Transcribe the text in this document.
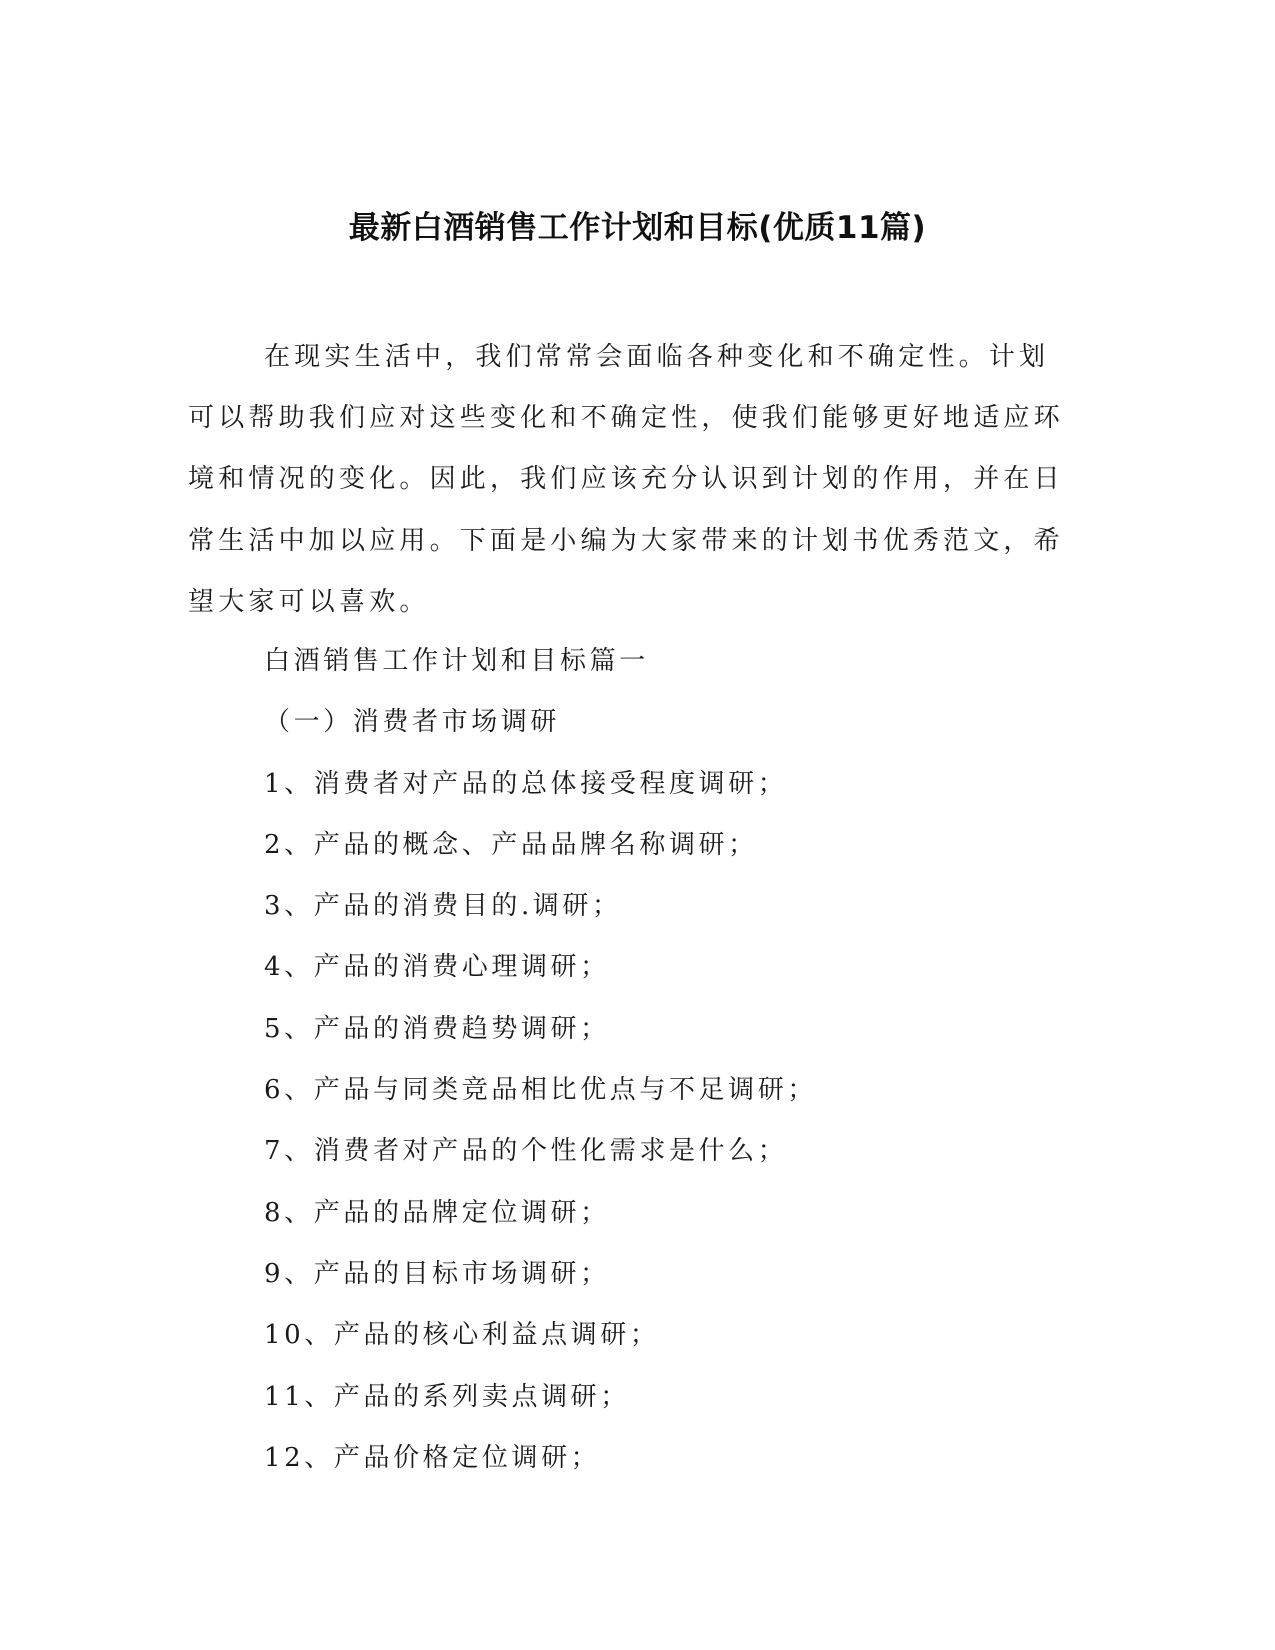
最新白酒销售工作计划和目标(优质11篇)

在现实生活中，我们常常会面临各种变化和不确定性。计划可以帮助我们应对这些变化和不确定性，使我们能够更好地适应环境和情况的变化。因此，我们应该充分认识到计划的作用，并在日常生活中加以应用。下面是小编为大家带来的计划书优秀范文，希望大家可以喜欢。

白酒销售工作计划和目标篇一
（一）消费者市场调研
1、消费者对产品的总体接受程度调研；
2、产品的概念、产品品牌名称调研；
3、产品的消费目的.调研；
4、产品的消费心理调研；
5、产品的消费趋势调研；
6、产品与同类竞品相比优点与不足调研；
7、消费者对产品的个性化需求是什么；
8、产品的品牌定位调研；
9、产品的目标市场调研；
10、产品的核心利益点调研；
11、产品的系列卖点调研；
12、产品价格定位调研；
